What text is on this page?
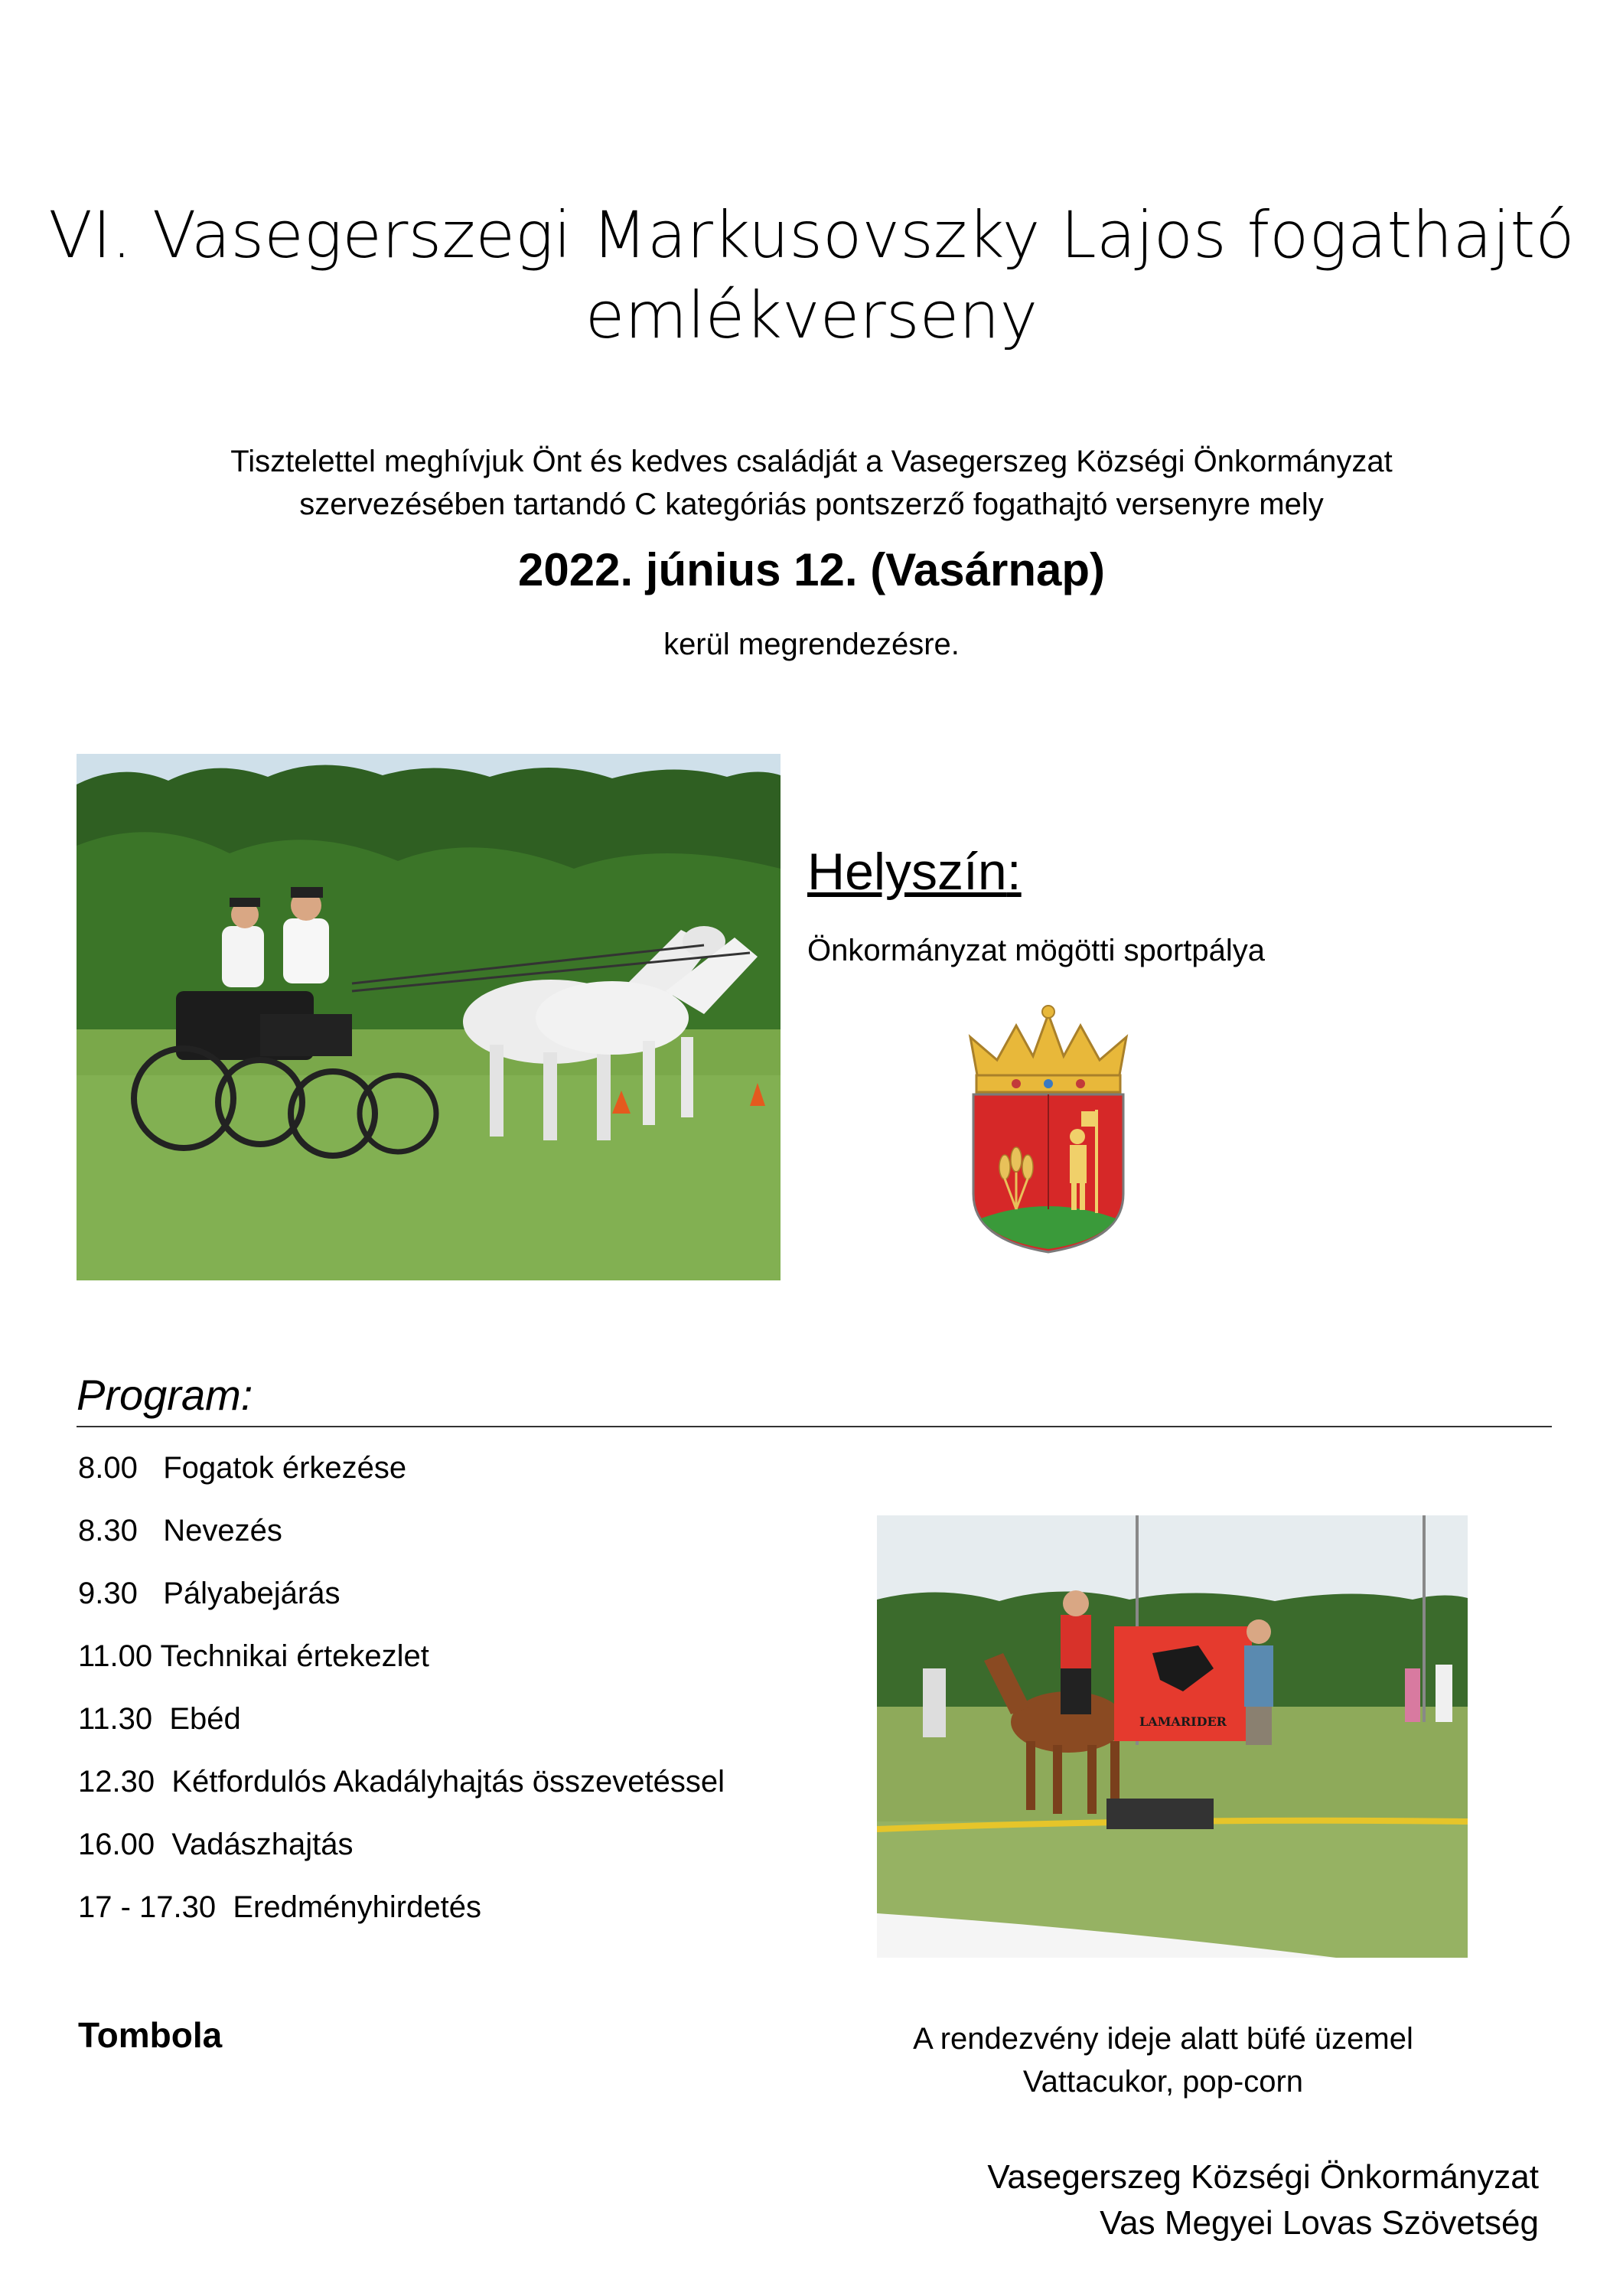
VI. Vasegerszegi Markusovszky Lajos fogathajtó
emlékverseny
Tisztelettel meghívjuk Önt és kedves családját a Vasegerszeg Községi Önkormányzat
szervezésében tartandó C kategóriás pontszerző fogathajtó versenyre mely
2022. június 12. (Vasárnap)
kerül megrendezésre.
Helyszín:
Önkormányzat mögötti sportpálya
Program:
8.00   Fogatok érkezése
8.30   Nevezés
9.30   Pályabejárás
11.00 Technikai értekezlet
11.30  Ebéd
12.30  Kétfordulós Akadályhajtás összevetéssel
16.00  Vadászhajtás
17 - 17.30  Eredményhirdetés
LAMARIDER
Tombola	A rendezvény ideje alatt büfé üzemel
Vattacukor, pop-corn
Vasegerszeg Községi Önkormányzat
Vas Megyei Lovas Szövetség
